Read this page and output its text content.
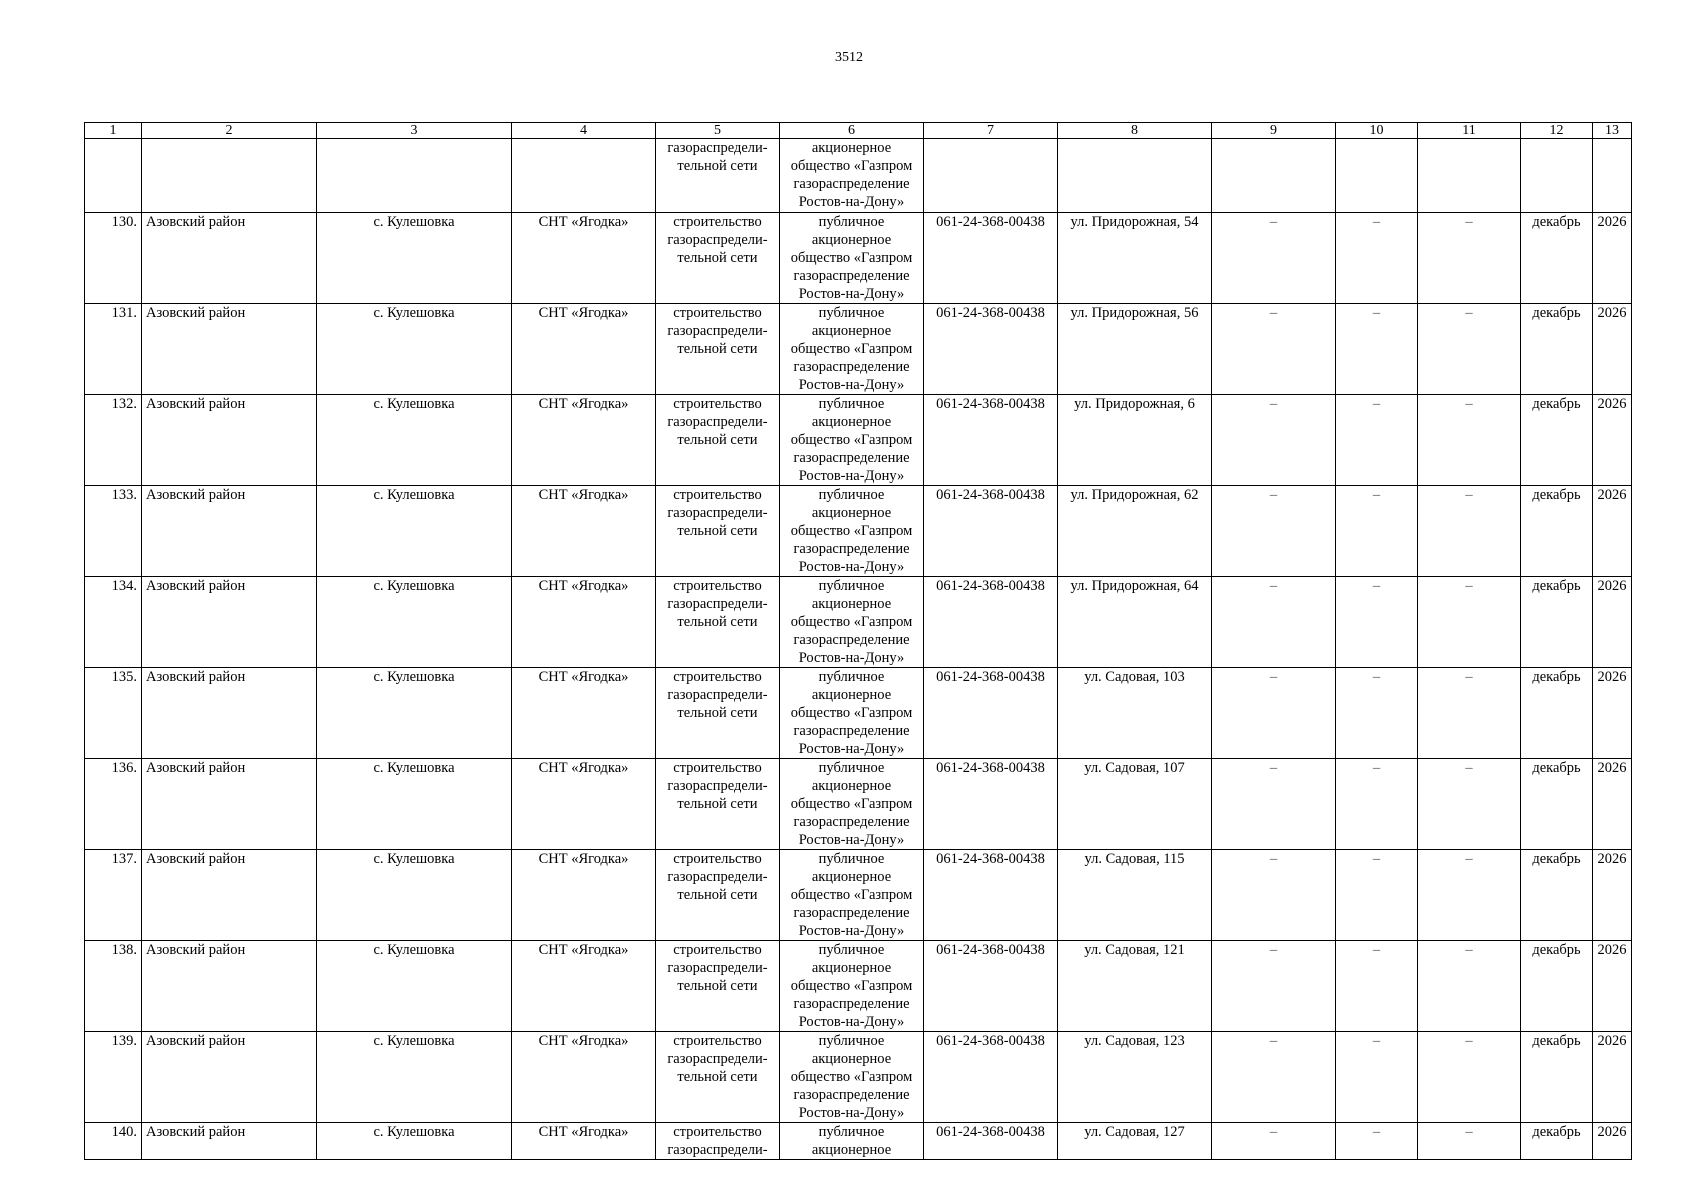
3512
1	2	3	4	5	6	7	8	9	10	11	12	13
				газораспредели-
тельной сети	акционерное
общество «Газпром
газораспределение
Ростов-на-Дону»							
130.	Азовский район	с. Кулешовка	СНТ «Ягодка»	строительство
газораспредели-
тельной сети	публичное
акционерное
общество «Газпром
газораспределение
Ростов-на-Дону»	061-24-368-00438	ул. Придорожная, 54	–	–	–	декабрь	2026
131.	Азовский район	с. Кулешовка	СНТ «Ягодка»	строительство
газораспредели-
тельной сети	публичное
акционерное
общество «Газпром
газораспределение
Ростов-на-Дону»	061-24-368-00438	ул. Придорожная, 56	–	–	–	декабрь	2026
132.	Азовский район	с. Кулешовка	СНТ «Ягодка»	строительство
газораспредели-
тельной сети	публичное
акционерное
общество «Газпром
газораспределение
Ростов-на-Дону»	061-24-368-00438	ул. Придорожная, 6	–	–	–	декабрь	2026
133.	Азовский район	с. Кулешовка	СНТ «Ягодка»	строительство
газораспредели-
тельной сети	публичное
акционерное
общество «Газпром
газораспределение
Ростов-на-Дону»	061-24-368-00438	ул. Придорожная, 62	–	–	–	декабрь	2026
134.	Азовский район	с. Кулешовка	СНТ «Ягодка»	строительство
газораспредели-
тельной сети	публичное
акционерное
общество «Газпром
газораспределение
Ростов-на-Дону»	061-24-368-00438	ул. Придорожная, 64	–	–	–	декабрь	2026
135.	Азовский район	с. Кулешовка	СНТ «Ягодка»	строительство
газораспредели-
тельной сети	публичное
акционерное
общество «Газпром
газораспределение
Ростов-на-Дону»	061-24-368-00438	ул. Садовая, 103	–	–	–	декабрь	2026
136.	Азовский район	с. Кулешовка	СНТ «Ягодка»	строительство
газораспредели-
тельной сети	публичное
акционерное
общество «Газпром
газораспределение
Ростов-на-Дону»	061-24-368-00438	ул. Садовая, 107	–	–	–	декабрь	2026
137.	Азовский район	с. Кулешовка	СНТ «Ягодка»	строительство
газораспредели-
тельной сети	публичное
акционерное
общество «Газпром
газораспределение
Ростов-на-Дону»	061-24-368-00438	ул. Садовая, 115	–	–	–	декабрь	2026
138.	Азовский район	с. Кулешовка	СНТ «Ягодка»	строительство
газораспредели-
тельной сети	публичное
акционерное
общество «Газпром
газораспределение
Ростов-на-Дону»	061-24-368-00438	ул. Садовая, 121	–	–	–	декабрь	2026
139.	Азовский район	с. Кулешовка	СНТ «Ягодка»	строительство
газораспредели-
тельной сети	публичное
акционерное
общество «Газпром
газораспределение
Ростов-на-Дону»	061-24-368-00438	ул. Садовая, 123	–	–	–	декабрь	2026
140.	Азовский район	с. Кулешовка	СНТ «Ягодка»	строительство
газораспредели-	публичное
акционерное	061-24-368-00438	ул. Садовая, 127	–	–	–	декабрь	2026
